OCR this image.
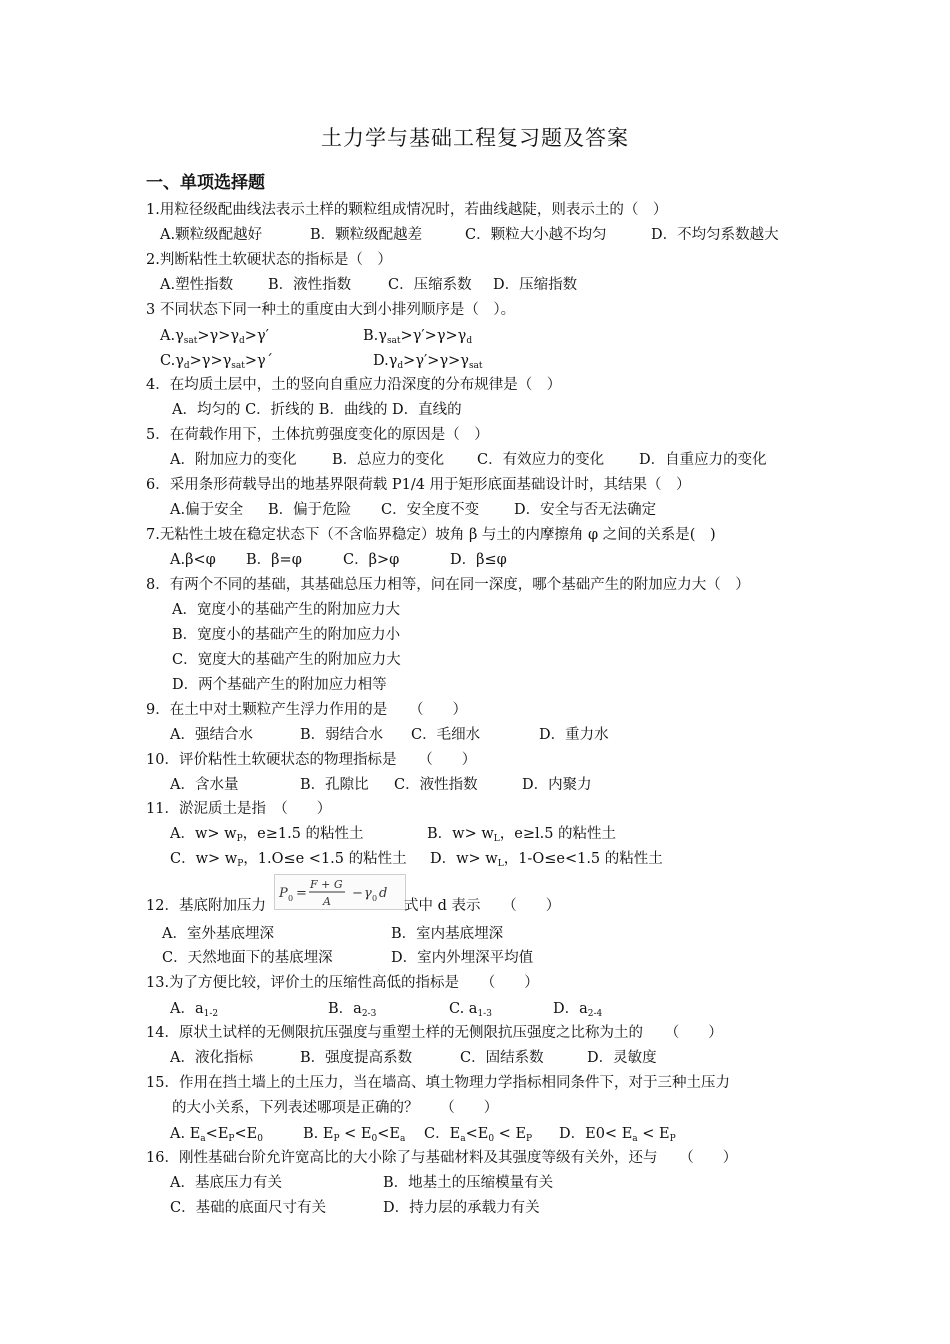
土力学与基础工程复习题及答案
一、单项选择题
1.用粒径级配曲线法表示土样的颗粒组成情况时，若曲线越陡，则表示土的（　）
A.颗粒级配越好	B．颗粒级配越差	C．颗粒大小越不均匀	D．不均匀系数越大
2.判断粘性土软硬状态的指标是（　）
A.塑性指数 B．液性指数	C．压缩系数 D．压缩指数
3 不同状态下同一种土的重度由大到小排列顺序是（　）。
$A.\gamma_{sat}>\gamma>\gamma_d>\gamma'$	$B.\gamma_{sat}>\gamma'>\gamma>\gamma_d$
$C.\gamma_d>\gamma>\gamma_{sat}>\gamma´$	$D.\gamma_d>\gamma'>\gamma>\gamma_{sat}$
4．在均质土层中，土的竖向自重应力沿深度的分布规律是（　）
A．均匀的 C．折线的 B．曲线的 D．直线的
5．在荷载作用下，土体抗剪强度变化的原因是（　）
A．附加应力的变化 B．总应力的变化 C．有效应力的变化 D．自重应力的变化
6．采用条形荷载导出的地基界限荷载 P1/4 用于矩形底面基础设计时，其结果（　）
A.偏于安全 B．偏于危险 C．安全度不变 D．安全与否无法确定
7.无粘性土坡在稳定状态下（不含临界稳定）坡角 β 与土的内摩擦角 φ 之间的关系是(　)
A.β<φ B．β=φ	C．β>φ	D．β≤φ
8．有两个不同的基础，其基础总压力相等，问在同一深度，哪个基础产生的附加应力大（　）
A．宽度小的基础产生的附加应力大
B．宽度小的基础产生的附加应力小
C．宽度大的基础产生的附加应力大
D．两个基础产生的附加应力相等
9．在土中对土颗粒产生浮力作用的是　　（　　）
A．强结合水	B．弱结合水 C．毛细水	D．重力水
10．评价粘性土软硬状态的物理指标是　　（　　）
A．含水量	B．孔隙比 C．液性指数	D．内聚力
11．淤泥质土是指　（　　）
A．$w> w_P$，e≥1.5 的粘性土	B．$w> w_L$，e≥l.5 的粘性土
C．$w> w_P$，1.O≤e <1.5 的粘性土 D．$w> w_L$，1-O≤e<1.5 的粘性土
12．基底附加压力
P 0 =
F + G
A
− γ 0 d
式中 d 表示　　（　　）
A．室外基底埋深	B．室内基底埋深
C．天然地面下的基底埋深	D．室内外埋深平均值
13.为了方便比较，评价土的压缩性高低的指标是　　（　　）
A．$a_{1-2}$	B．$a_{2-3}$	C. $a_{1-3}$	D．$a_{2-4}$
14．原状土试样的无侧限抗压强度与重塑土样的无侧限抗压强度之比称为土的　　（　　）
A．液化指标	B．强度提高系数	C．固结系数	D．灵敏度
15．作用在挡土墙上的土压力，当在墙高、填土物理力学指标相同条件下，对于三种土压力
的大小关系，下列表述哪项是正确的？　　（　　）
A. $E_a<E_P<E_0$	B. $E_P < E_0<E_a$ C．$E_a<E_0 < E_P$ D．$E0< E_a < E_P$
16．刚性基础台阶允许宽高比的大小除了与基础材料及其强度等级有关外，还与　　（　　）
A．基底压力有关	B．地基土的压缩模量有关
C．基础的底面尺寸有关	D．持力层的承载力有关
